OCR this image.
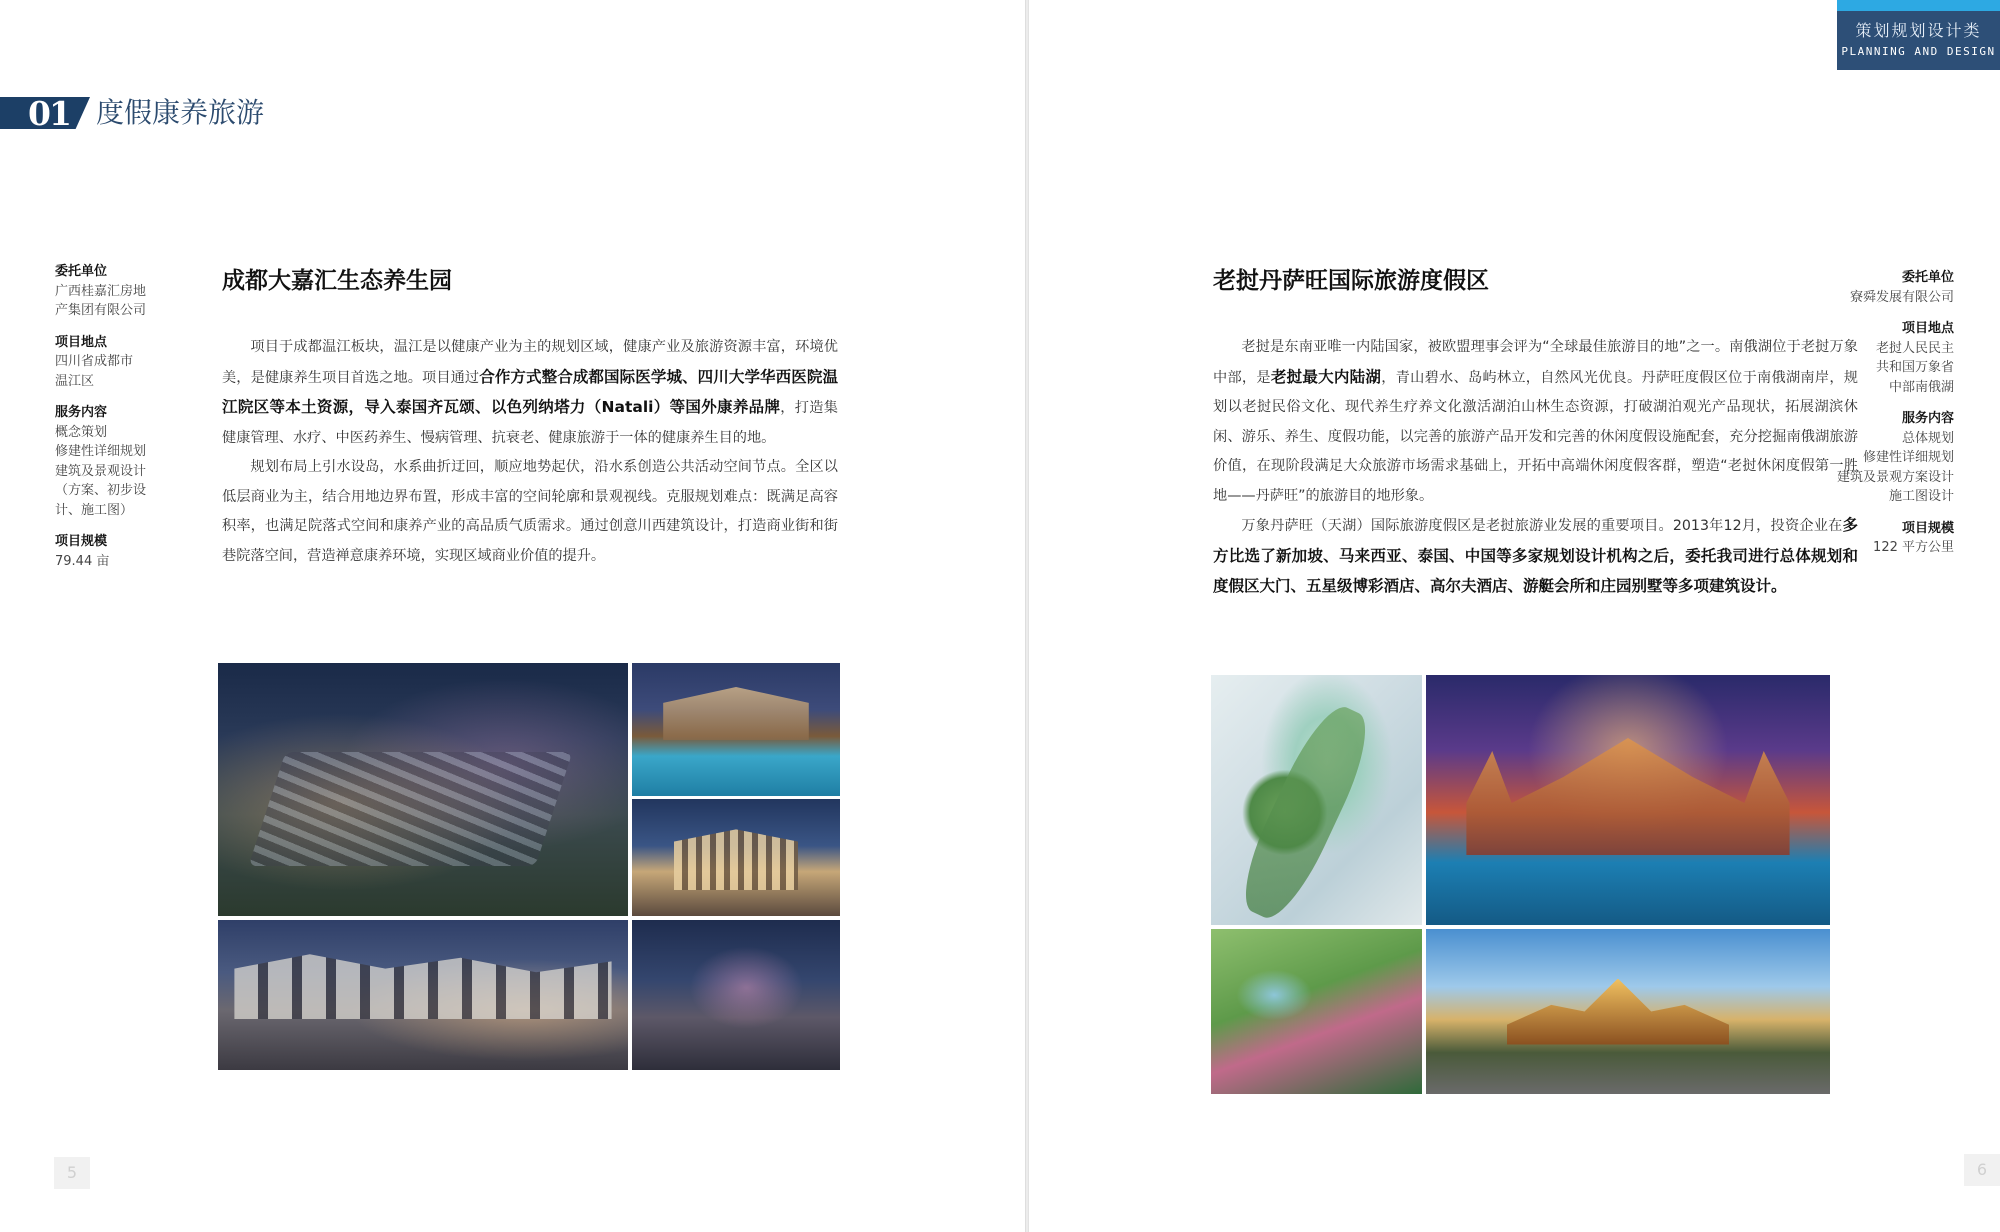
01 度假康养旅游
委托单位
广西桂嘉汇房地
产集团有限公司
项目地点
四川省成都市
温江区
服务内容
概念策划
修建性详细规划
建筑及景观设计
（方案、初步设
计、施工图）
项目规模
79.44 亩
成都大嘉汇生态养生园

项目于成都温江板块，温江是以健康产业为主的规划区域，健康产业及旅游资源丰富，环境优美，是健康养生项目首选之地。项目通过合作方式整合成都国际医学城、四川大学华西医院温江院区等本土资源，导入泰国齐瓦颂、以色列纳塔力（Natali）等国外康养品牌，打造集健康管理、水疗、中医药养生、慢病管理、抗衰老、健康旅游于一体的健康养生目的地。

规划布局上引水设岛，水系曲折迂回，顺应地势起伏，沿水系创造公共活动空间节点。全区以低层商业为主，结合用地边界布置，形成丰富的空间轮廓和景观视线。克服规划难点：既满足高容积率，也满足院落式空间和康养产业的高品质气质需求。通过创意川西建筑设计，打造商业街和街巷院落空间，营造禅意康养环境，实现区域商业价值的提升。

5
策划规划设计类
PLANNING AND DESIGN
老挝丹萨旺国际旅游度假区

老挝是东南亚唯一内陆国家，被欧盟理事会评为“全球最佳旅游目的地”之一。南俄湖位于老挝万象中部，是老挝最大内陆湖，青山碧水、岛屿林立，自然风光优良。丹萨旺度假区位于南俄湖南岸，规划以老挝民俗文化、现代养生疗养文化激活湖泊山林生态资源，打破湖泊观光产品现状，拓展湖滨休闲、游乐、养生、度假功能，以完善的旅游产品开发和完善的休闲度假设施配套，充分挖掘南俄湖旅游价值，在现阶段满足大众旅游市场需求基础上，开拓中高端休闲度假客群，塑造“老挝休闲度假第一胜地——丹萨旺”的旅游目的地形象。

万象丹萨旺（天湖）国际旅游度假区是老挝旅游业发展的重要项目。2013年12月，投资企业在多方比选了新加坡、马来西亚、泰国、中国等多家规划设计机构之后，委托我司进行总体规划和度假区大门、五星级博彩酒店、高尔夫酒店、游艇会所和庄园别墅等多项建筑设计。

委托单位
寮舜发展有限公司
项目地点
老挝人民民主
共和国万象省
中部南俄湖
服务内容
总体规划
修建性详细规划
建筑及景观方案设计
施工图设计
项目规模
122 平方公里
6
